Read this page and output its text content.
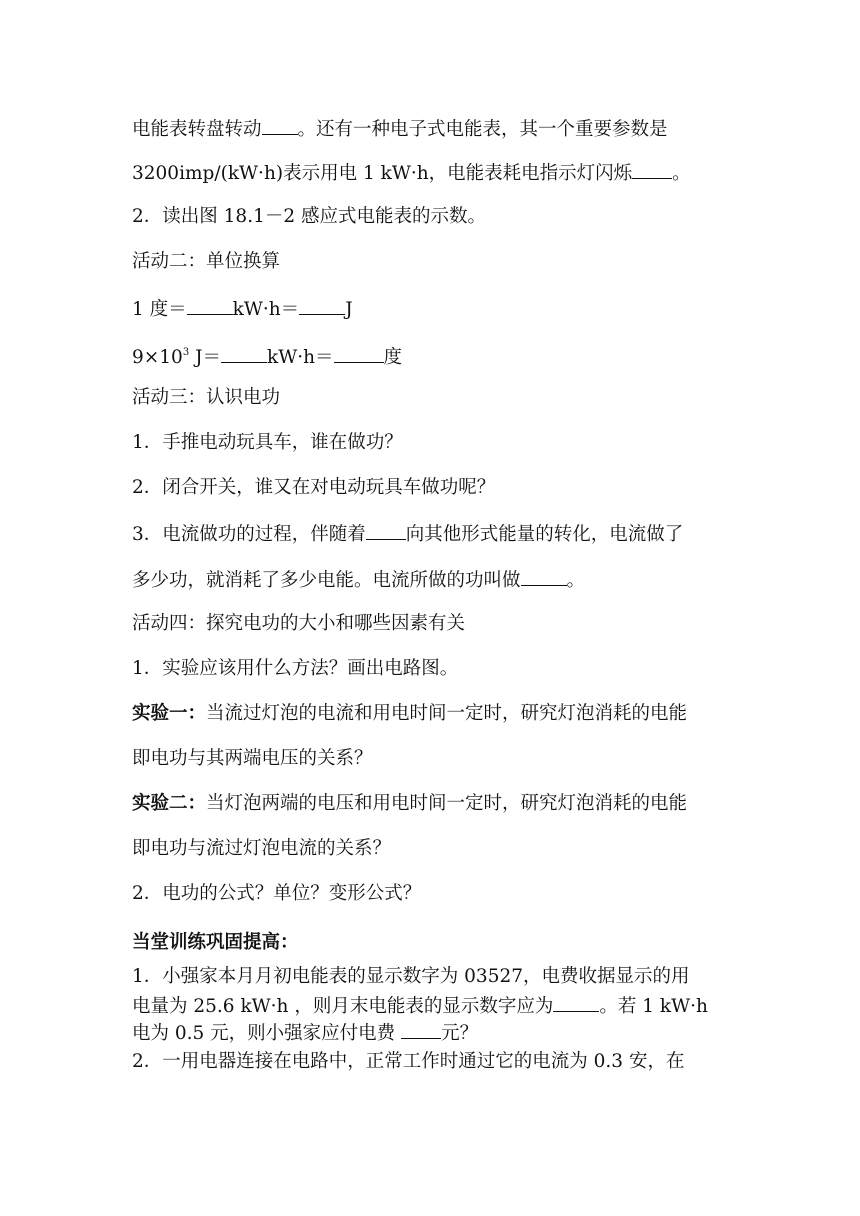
电能表转盘转动 。还有一种电子式电能表，其一个重要参数是
3200imp/(kW·h)表示用电 1 kW·h，电能表耗电指示灯闪烁 。
2．读出图 18.1－2 感应式电能表的示数。
活动二：单位换算
1 度＝ kW·h＝ J
$9\times 10^3$ J＝ kW·h＝	度
活动三：认识电功
1．手推电动玩具车，谁在做功？
2．闭合开关，谁又在对电动玩具车做功呢？
3．电流做功的过程，伴随着 向其他形式能量的转化，电流做了
多少功，就消耗了多少电能。电流所做的功叫做 。
活动四：探究电功的大小和哪些因素有关
1．实验应该用什么方法？画出电路图。
实验一：当流过灯泡的电流和用电时间一定时，研究灯泡消耗的电能
即电功与其两端电压的关系？
实验二：当灯泡两端的电压和用电时间一定时，研究灯泡消耗的电能
即电功与流过灯泡电流的关系？
2．电功的公式？单位？变形公式？
当堂训练巩固提高：
1．小强家本月月初电能表的显示数字为 03527，电费收据显示的用
电量为 25.6 kW·h ，则月末电能表的显示数字应为 。若 1 kW·h
电为 0.5 元，则小强家应付电费 元？
2．一用电器连接在电路中，正常工作时通过它的电流为 0.3 安，在
